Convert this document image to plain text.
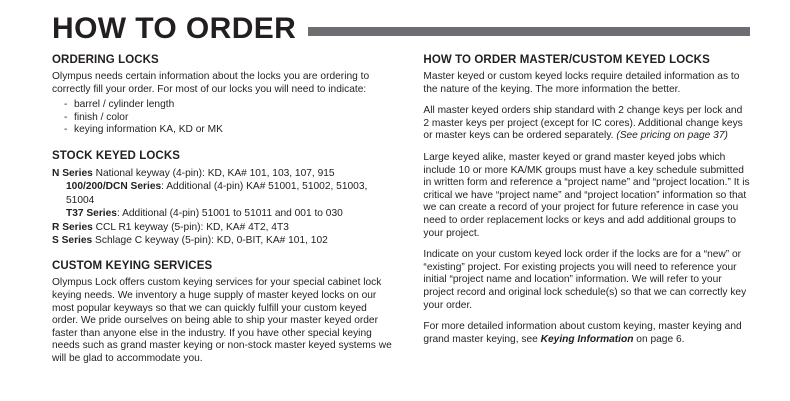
HOW TO ORDER
ORDERING LOCKS

Olympus needs certain information about the locks you are ordering to correctly fill your order. For most of our locks you will need to indicate:

- barrel / cylinder length
- finish / color
- keying information KA, KD or MK
STOCK KEYED LOCKS
N Series National keyway (4-pin): KD, KA# 101, 103, 107, 915
100/200/DCN Series: Additional (4-pin) KA# 51001, 51002, 51003, 51004
T37 Series: Additional (4-pin) 51001 to 51011 and 001 to 030
R Series CCL R1 keyway (5-pin): KD, KA# 4T2, 4T3
S Series Schlage C keyway (5-pin): KD, 0-BIT, KA# 101, 102
CUSTOM KEYING SERVICES

Olympus Lock offers custom keying services for your special cabinet lock keying needs. We inventory a huge supply of master keyed locks on our most popular keyways so that we can quickly fulfill your custom keyed order. We pride ourselves on being able to ship your master keyed order faster than anyone else in the industry. If you have other special keying needs such as grand master keying or non-stock master keyed systems we will be glad to accommodate you.

HOW TO ORDER MASTER/CUSTOM KEYED LOCKS

Master keyed or custom keyed locks require detailed information as to the nature of the keying. The more information the better.

All master keyed orders ship standard with 2 change keys per lock and 2 master keys per project (except for IC cores). Additional change keys or master keys can be ordered separately. (See pricing on page 37)

Large keyed alike, master keyed or grand master keyed jobs which include 10 or more KA/MK groups must have a key schedule submitted in written form and reference a “project name” and “project location.” It is critical we have “project name” and “project location” information so that we can create a record of your project for future reference in case you need to order replacement locks or keys and add additional groups to your project.

Indicate on your custom keyed lock order if the locks are for a “new” or “existing” project. For existing projects you will need to reference your initial “project name and location” information. We will refer to your project record and original lock schedule(s) so that we can correctly key your order.

For more detailed information about custom keying, master keying and grand master keying, see Keying Information on page 6.
